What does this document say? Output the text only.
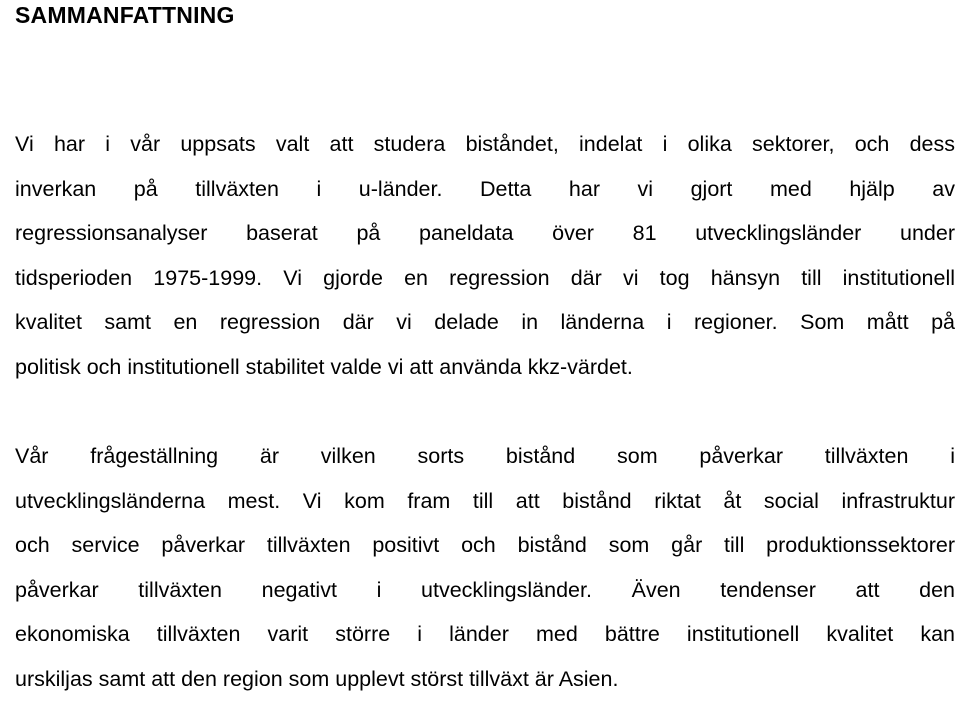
SAMMANFATTNING
Vi har i vår uppsats valt att studera biståndet, indelat i olika sektorer, och dess
inverkan på tillväxten i u-länder. Detta har vi gjort med hjälp av
regressionsanalyser baserat på paneldata över 81 utvecklingsländer under
tidsperioden 1975-1999. Vi gjorde en regression där vi tog hänsyn till institutionell
kvalitet samt en regression där vi delade in länderna i regioner. Som mått på
politisk och institutionell stabilitet valde vi att använda kkz-värdet.
Vår frågeställning är vilken sorts bistånd som påverkar tillväxten i
utvecklingsländerna mest. Vi kom fram till att bistånd riktat åt social infrastruktur
och service påverkar tillväxten positivt och bistånd som går till produktionssektorer
påverkar tillväxten negativt i utvecklingsländer. Även tendenser att den
ekonomiska tillväxten varit större i länder med bättre institutionell kvalitet kan
urskiljas samt att den region som upplevt störst tillväxt är Asien.
